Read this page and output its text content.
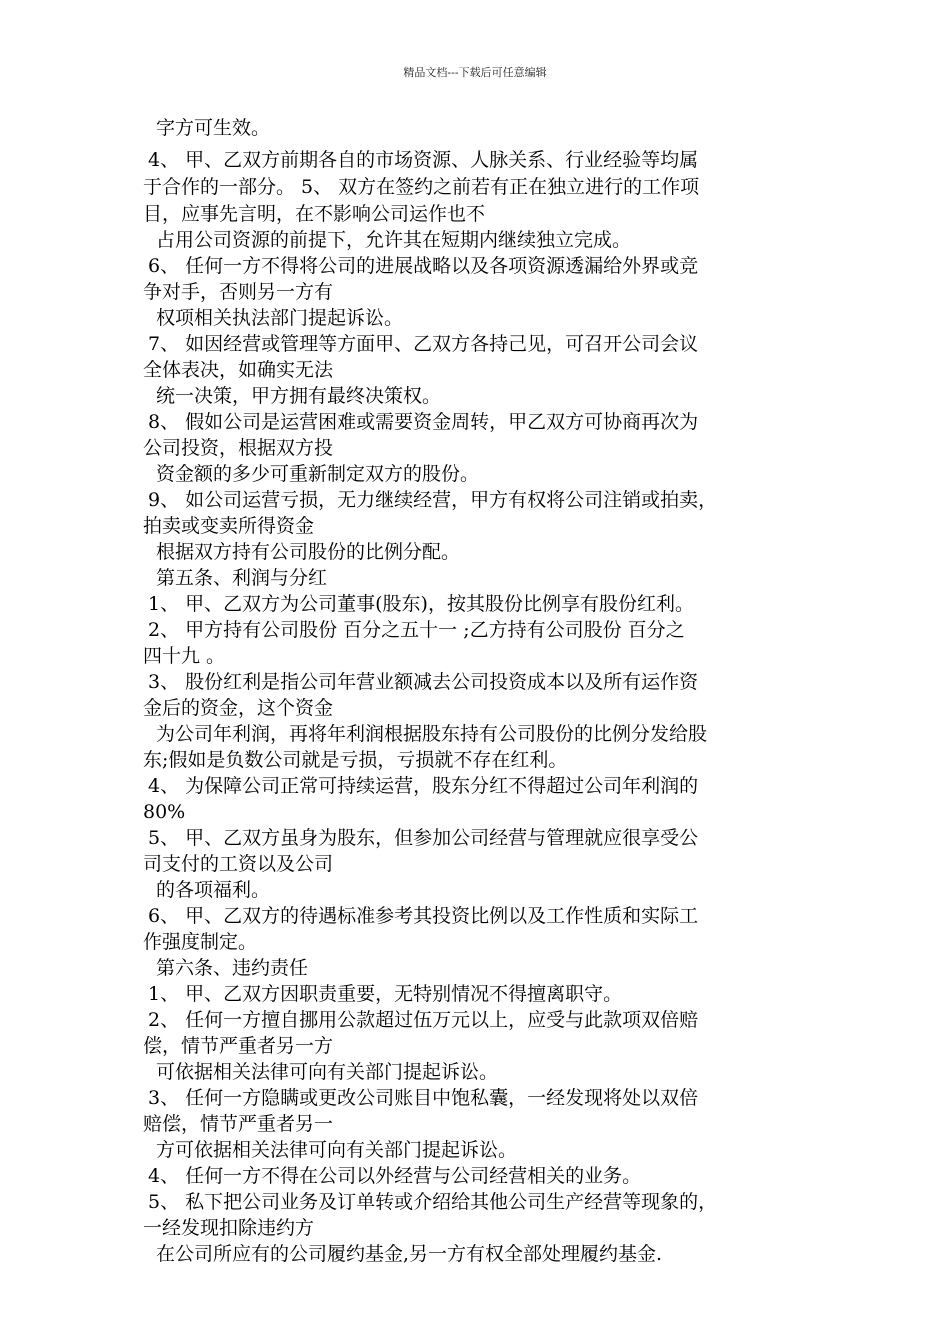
精品文档---下载后可任意编辑
字方可生效。
4、 甲、乙双方前期各自的市场资源、人脉关系、行业经验等均属
于合作的一部分。 5、 双方在签约之前若有正在独立进行的工作项
目，应事先言明，在不影响公司运作也不
占用公司资源的前提下，允许其在短期内继续独立完成。
6、 任何一方不得将公司的进展战略以及各项资源透漏给外界或竞
争对手，否则另一方有
权项相关执法部门提起诉讼。
7、 如因经营或管理等方面甲、乙双方各持己见，可召开公司会议
全体表决，如确实无法
统一决策，甲方拥有最终决策权。
8、 假如公司是运营困难或需要资金周转，甲乙双方可协商再次为
公司投资，根据双方投
资金额的多少可重新制定双方的股份。
9、 如公司运营亏损，无力继续经营，甲方有权将公司注销或拍卖，
拍卖或变卖所得资金
根据双方持有公司股份的比例分配。
第五条、利润与分红
1、 甲、乙双方为公司董事(股东)，按其股份比例享有股份红利。
2、 甲方持有公司股份 百分之五十一 ;乙方持有公司股份 百分之
四十九 。
3、 股份红利是指公司年营业额减去公司投资成本以及所有运作资
金后的资金，这个资金
为公司年利润，再将年利润根据股东持有公司股份的比例分发给股
东;假如是负数公司就是亏损，亏损就不存在红利。
4、 为保障公司正常可持续运营，股东分红不得超过公司年利润的
80%
5、 甲、乙双方虽身为股东，但参加公司经营与管理就应很享受公
司支付的工资以及公司
的各项福利。
6、 甲、乙双方的待遇标准参考其投资比例以及工作性质和实际工
作强度制定。
第六条、违约责任
1、 甲、乙双方因职责重要，无特别情况不得擅离职守。
2、 任何一方擅自挪用公款超过伍万元以上，应受与此款项双倍赔
偿，情节严重者另一方
可依据相关法律可向有关部门提起诉讼。
3、 任何一方隐瞒或更改公司账目中饱私囊，一经发现将处以双倍
赔偿，情节严重者另一
方可依据相关法律可向有关部门提起诉讼。
4、 任何一方不得在公司以外经营与公司经营相关的业务。
5、 私下把公司业务及订单转或介绍给其他公司生产经营等现象的，
一经发现扣除违约方
在公司所应有的公司履约基金,另一方有权全部处理履约基金.
